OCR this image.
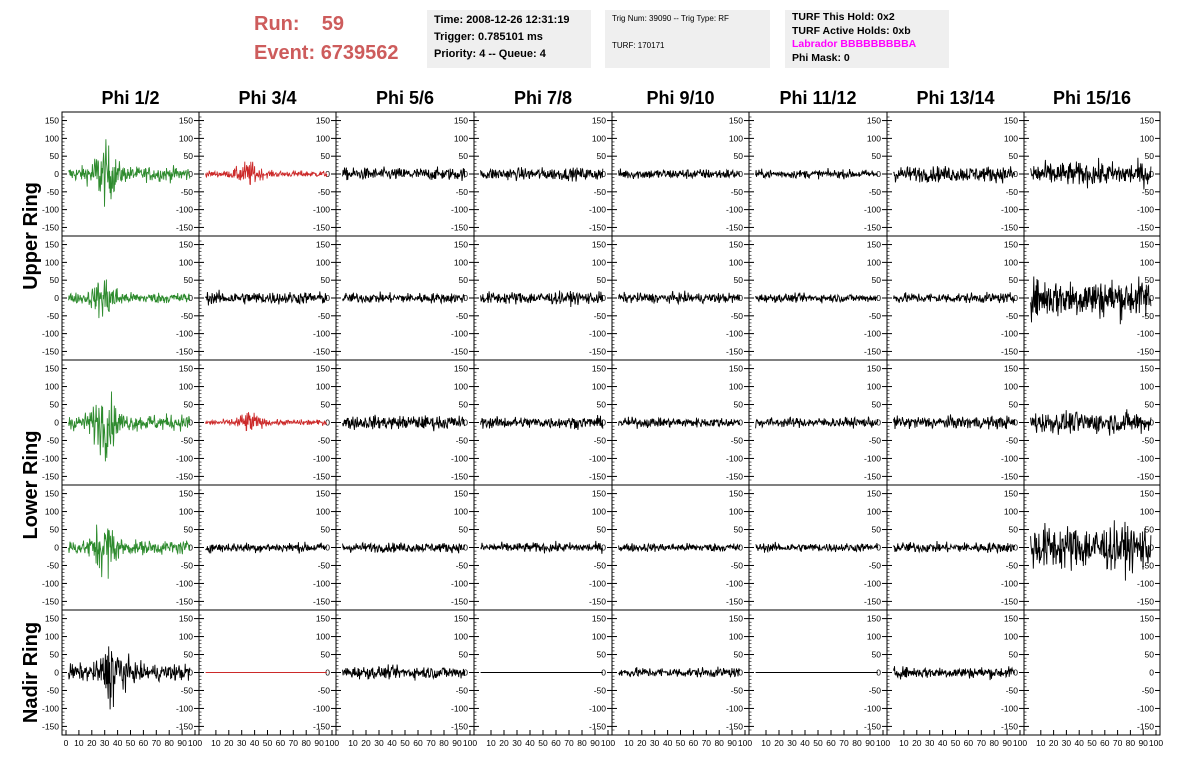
Run: 59
Event: 6739562
Time: 2008-12-26 12:31:19
Trigger: 0.785101 ms
Priority: 4 -- Queue: 4
Trig Num: 39090 -- Trig Type: RF
TURF: 170171
TURF This Hold: 0x2
TURF Active Holds: 0xb
Labrador BBBBBBBBBA
Phi Mask: 0
Phi 1/2	Phi 3/4	Phi 5/6	Phi 7/8	Phi 9/10	Phi 11/12	Phi 13/14	Phi 15/16
Upper Ring
Lower Ring
Nadir Ring
-150	-150
-100	-100
-50	-50
0	0
50	50
100	100
150	150
-150
-100
-50
0
50
100
150
-150
-100
-50
0
50
100
150
-150
-100
-50
0
50
100
150
-150
-100
-50
0
50
100
150
-150
-100
-50
0
50
100
150
-150
-100
-50
0
50
100
150
-150
-100
-50
0
50
100
150
-150	-150
-100	-100
-50	-50
0	0
50	50
100	100
150	150
-150
-100
-50
0
50
100
150
-150
-100
-50
0
50
100
150
-150
-100
-50
0
50
100
150
-150
-100
-50
0
50
100
150
-150
-100
-50
0
50
100
150
-150
-100
-50
0
50
100
150
-150
-100
-50
0
50
100
150
-150	-150
-100	-100
-50	-50
0	0
50	50
100	100
150	150
-150
-100
-50
0
50
100
150
-150
-100
-50
0
50
100
150
-150
-100
-50
0
50
100
150
-150
-100
-50
0
50
100
150
-150
-100
-50
0
50
100
150
-150
-100
-50
0
50
100
150
-150
-100
-50
0
50
100
150
-150	-150
-100	-100
-50	-50
0	0
50	50
100	100
150	150
-150
-100
-50
0
50
100
150
-150
-100
-50
0
50
100
150
-150
-100
-50
0
50
100
150
-150
-100
-50
0
50
100
150
-150
-100
-50
0
50
100
150
-150
-100
-50
0
50
100
150
-150
-100
-50
0
50
100
150
-150	-150
-100	-100
-50	-50
0	0
50	50
100	100
150	150
-150
-100
-50
0
50
100
150
-150
-100
-50
0
50
100
150
-150
-100
-50
0
50
100
150
-150
-100
-50
0
50
100
150
-150
-100
-50
0
50
100
150
-150
-100
-50
0
50
100
150
-150
-100
-50
0
50
100
150
0 10 20 30 40 50 60 70 80 90 100 10 20 30 40 50 60 70 80 90 100 10 20 30 40 50 60 70 80 90 100 10 20 30 40 50 60 70 80 90 100 10 20 30 40 50 60 70 80 90 100 10 20 30 40 50 60 70 80 90 100 10 20 30 40 50 60 70 80 90 100 10 20 30 40 50 60 70 80 90 100
